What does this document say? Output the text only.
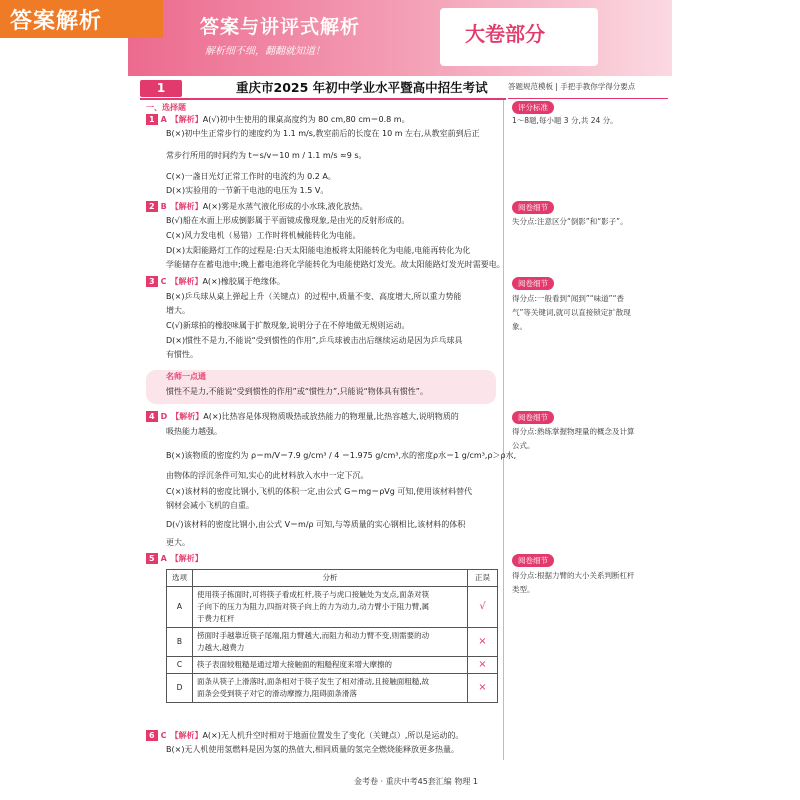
答案解析	答案与讲评式解析
解析细不细，翻翻就知道！
大卷部分
1	重庆市2025 年初中学业水平暨高中招生考试	答题规范模板 | 手把手教你学得分要点
一、选择题
1 A 【解析】A(√)初中生使用的课桌高度约为 80 cm,80 cm＝0.8 m。
B(×)初中生正常步行的速度约为 1.1 m/s,教室前后的长度在 10 m 左右,从教室前到后正
常步行所用的时间约为 t＝s/v＝10 m / 1.1 m/s ≈9 s。
C(×)一盏日光灯正常工作时的电流约为 0.2 A。
D(×)实验用的一节新干电池的电压为 1.5 V。
2 B 【解析】A(×)雾是水蒸气液化形成的小水珠,液化放热。
B(√)船在水面上形成倒影属于平面镜成像现象,是由光的反射形成的。
C(×)风力发电机（易错）工作时将机械能转化为电能。
D(×)太阳能路灯工作的过程是:白天太阳能电池板将太阳能转化为电能,电能再转化为化
学能储存在蓄电池中;晚上蓄电池将化学能转化为电能使路灯发光。故太阳能路灯发光时需要电。
3 C 【解析】A(×)橡胶属于绝缘体。
B(×)乒乓球从桌上弹起上升（关键点）的过程中,质量不变、高度增大,所以重力势能
增大。
C(√)新球拍的橡胶味属于扩散现象,说明分子在不停地做无规则运动。
D(×)惯性不是力,不能说“受到惯性的作用”,乒乓球被击出后继续运动是因为乒乓球具
有惯性。
名师一点通
惯性不是力,不能说“受到惯性的作用”或“惯性力”,只能说“物体具有惯性”。
4 D 【解析】A(×)比热容是体现物质吸热或放热能力的物理量,比热容越大,说明物质的
吸热能力越强。
B(×)该物质的密度约为 ρ＝m/V＝7.9 g/cm³ / 4 ＝1.975 g/cm³,水的密度ρ水＝1 g/cm³,ρ＞ρ水,
由物体的浮沉条件可知,实心的此材料放入水中一定下沉。
C(×)该材料的密度比钢小,飞机的体积一定,由公式 G＝mg＝ρVg 可知,使用该材料替代
钢材会减小飞机的自重。
D(√)该材料的密度比钢小,由公式 V＝m/ρ 可知,与等质量的实心钢相比,该材料的体积
更大。
5 A 【解析】
选项	分析	正误
A	使用筷子拣面时,可将筷子看成杠杆,筷子与虎口接触处为支点,面条对筷
子向下的压力为阻力,四指对筷子向上的力为动力,动力臂小于阻力臂,属
于费力杠杆	√
B	捞面时手越靠近筷子尾端,阻力臂越大,而阻力和动力臂不变,则需要的动
力越大,越费力	×
C	筷子表面较粗糙是通过增大接触面的粗糙程度来增大摩擦的	×
D	面条从筷子上滑落时,面条相对于筷子发生了相对滑动,且接触面粗糙,故
面条会受到筷子对它的滑动摩擦力,阻碍面条滑落	×
6 C 【解析】A(×)无人机升空时相对于地面位置发生了变化（关键点）,所以是运动的。
B(×)无人机使用氢燃料是因为氢的热值大,相同质量的氢完全燃烧能释放更多热量。
评分标准
1～8题,每小题 3 分,共 24 分。
阅卷细节
失分点:注意区分“倒影”和“影子”。
阅卷细节
得分点:一般看到“闻到”“味道”“香
气”等关键词,就可以直接锁定扩散现
象。
阅卷细节
得分点:熟练掌握物理量的概念及计算
公式。
阅卷细节
得分点:根据力臂的大小关系判断杠杆
类型。
金考卷 · 重庆中考45套汇编 物理 1
